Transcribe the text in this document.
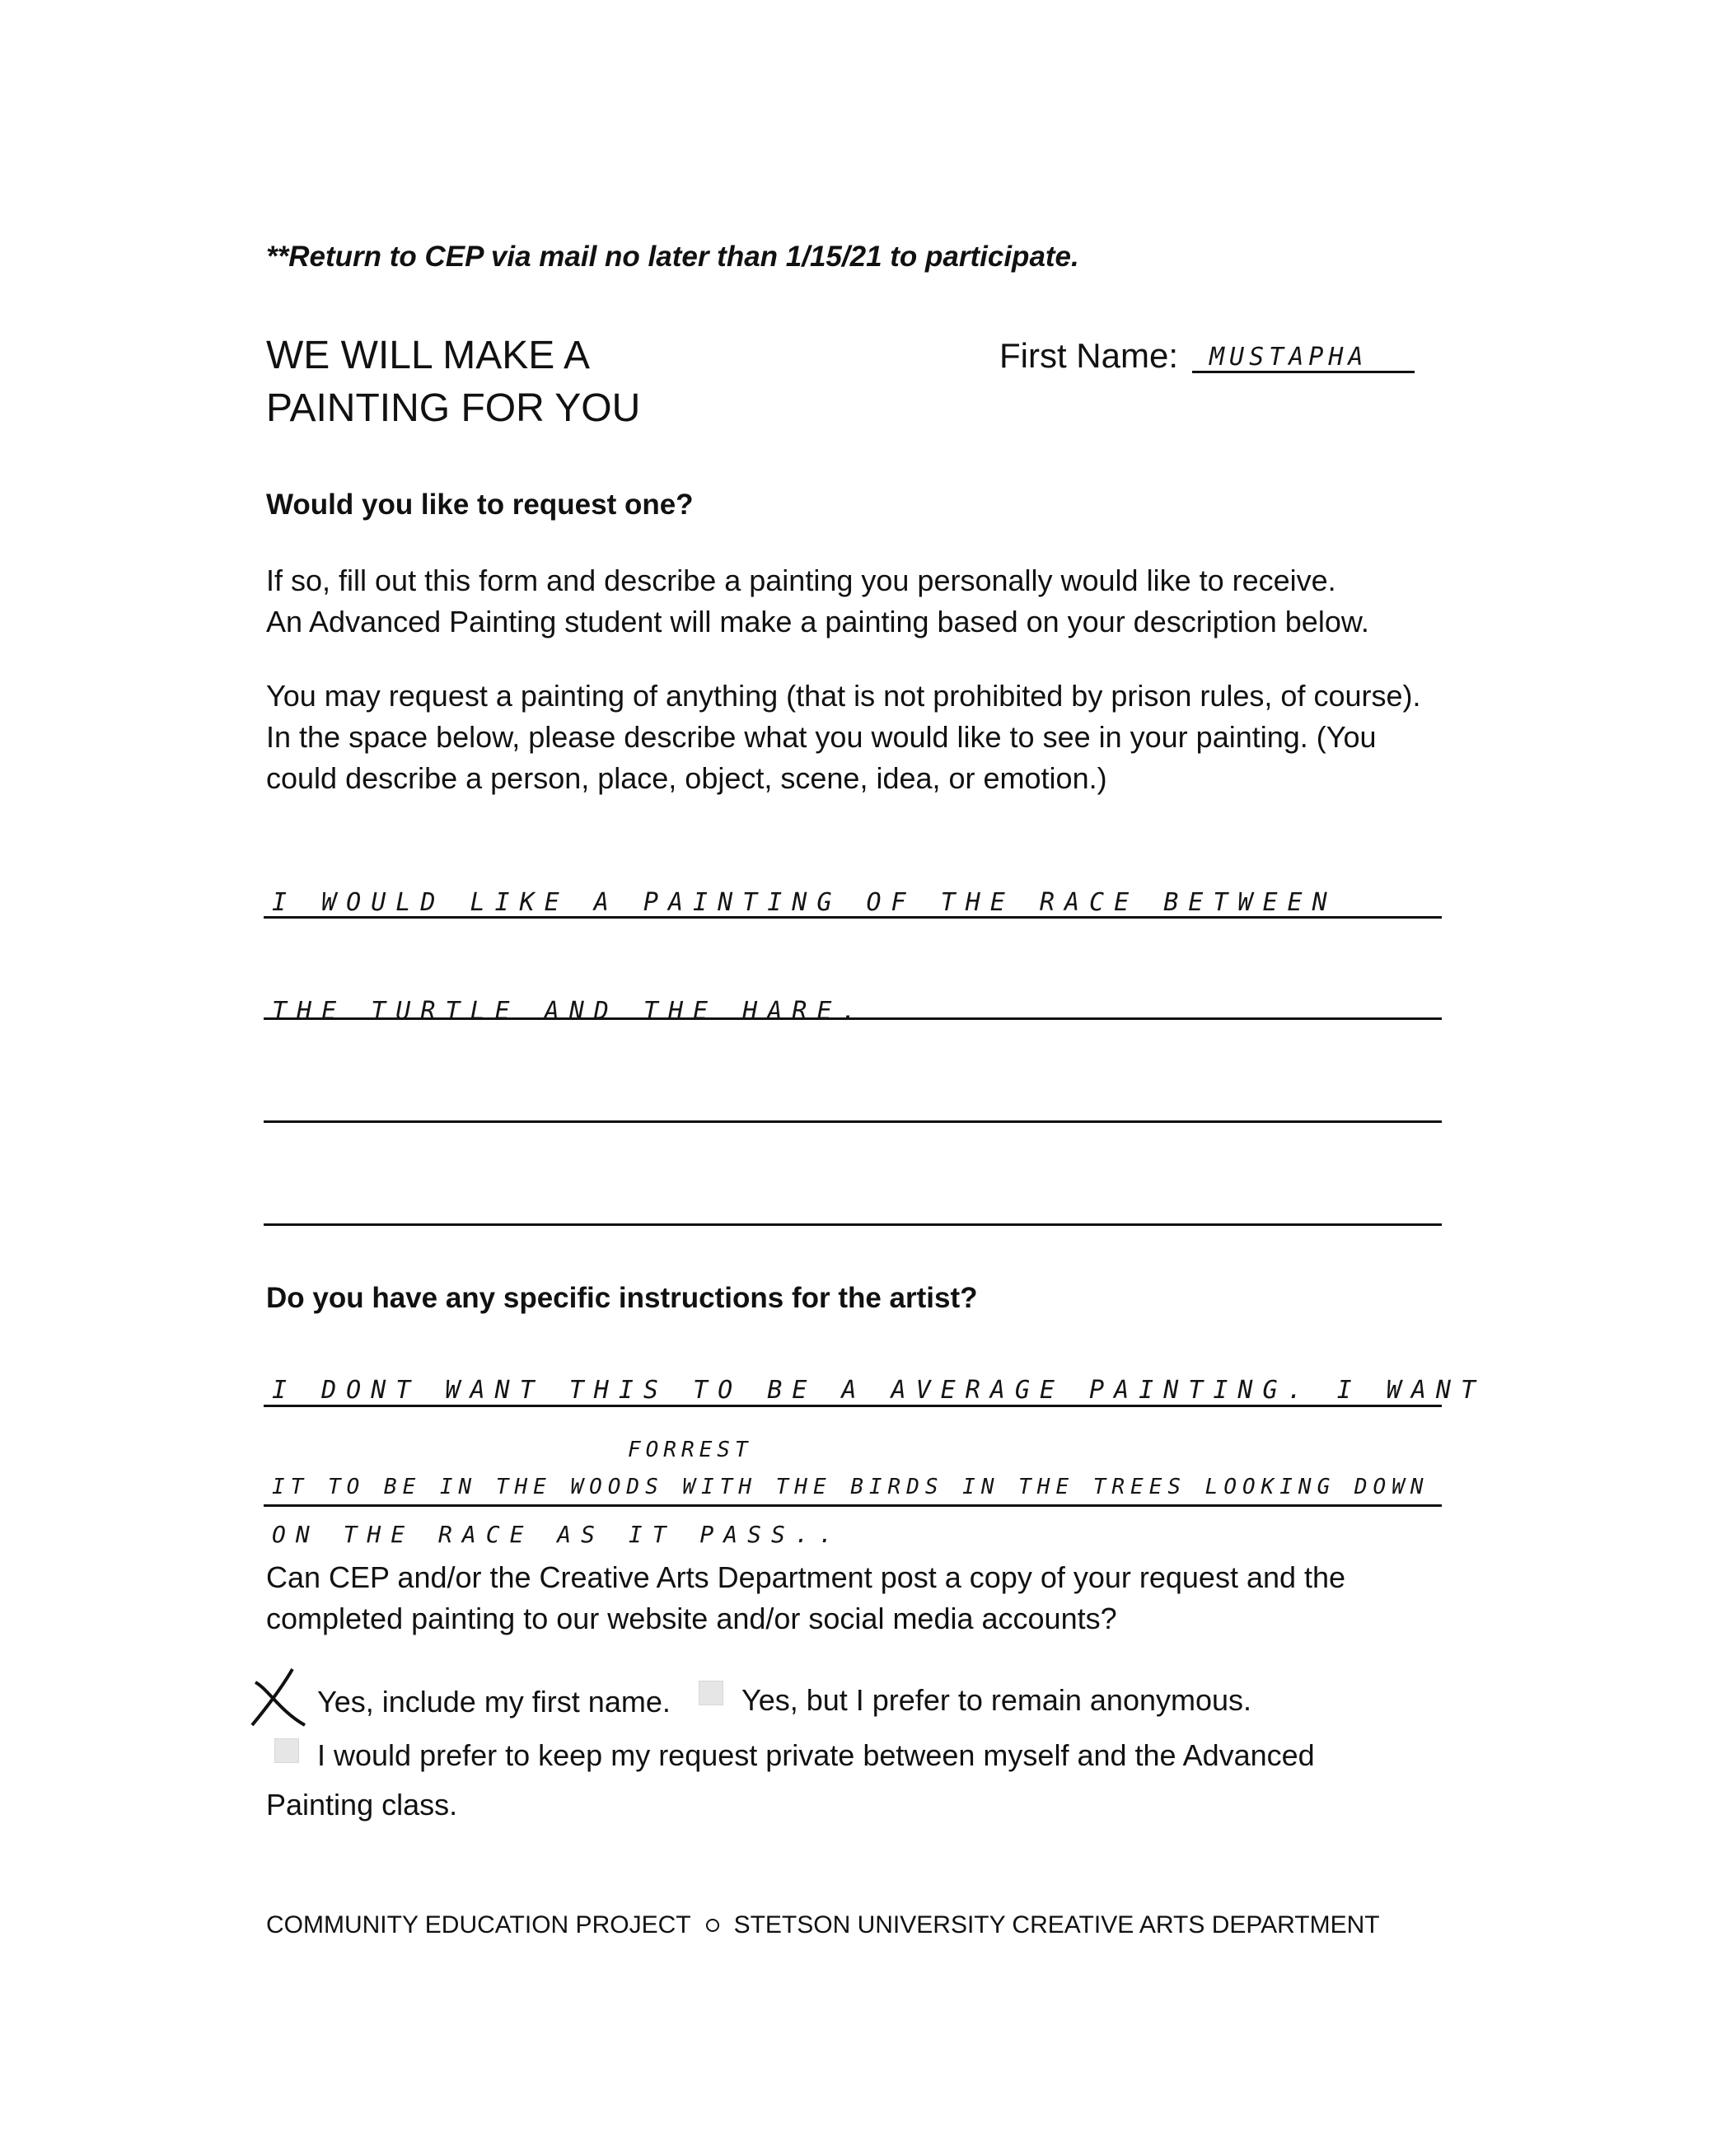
**Return to CEP via mail no later than 1/15/21 to participate.
WE WILL MAKE A
PAINTING FOR YOU
First Name: MUSTAPHA
Would you like to request one?
If so, fill out this form and describe a painting you personally would like to receive.
An Advanced Painting student will make a painting based on your description below.
You may request a painting of anything (that is not prohibited by prison rules, of course).
In the space below, please describe what you would like to see in your painting. (You could describe a person, place, object, scene, idea, or emotion.)
I WOULD LIKE A PAINTING OF THE RACE BETWEEN
THE TURTLE AND THE HARE.
Do you have any specific instructions for the artist?
I DONT WANT THIS TO BE A AVERAGE PAINTING. I WANT
FORREST
IT TO BE IN THE WOODS WITH THE BIRDS IN THE TREES LOOKING DOWN
ON THE RACE AS IT PASS..
Can CEP and/or the Creative Arts Department post a copy of your request and the completed painting to our website and/or social media accounts?
Yes, include my first name. Yes, but I prefer to remain anonymous.
I would prefer to keep my request private between myself and the Advanced
Painting class.
COMMUNITY EDUCATION PROJECT STETSON UNIVERSITY CREATIVE ARTS DEPARTMENT
